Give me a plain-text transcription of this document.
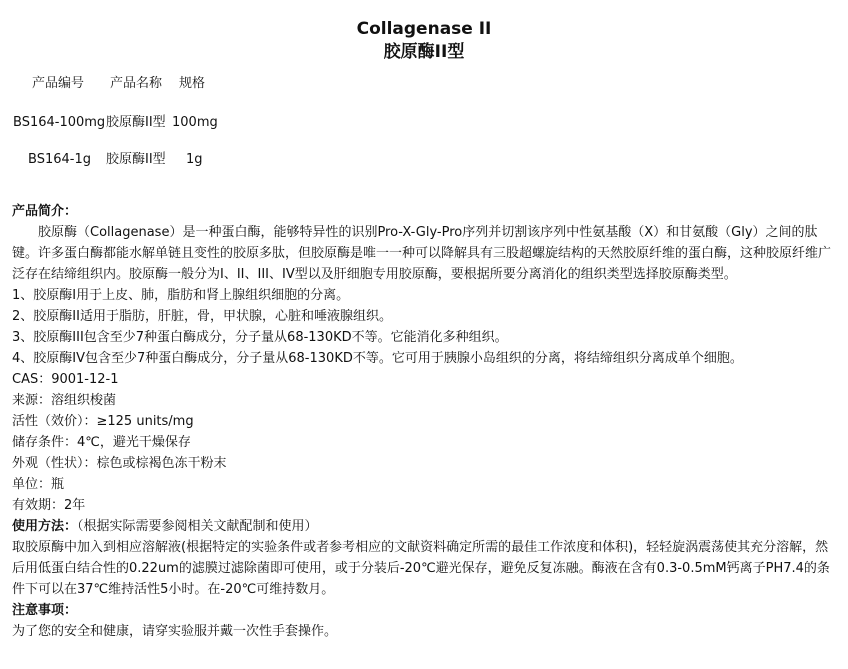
Collagenase II
胶原酶II型
产品编号 产品名称 规格
BS164-100mg 胶原酶II型 100mg
BS164-1g 胶原酶II型 1g

产品简介：

胶原酶（Collagenase）是一种蛋白酶，能够特异性的识别Pro-X-Gly-Pro序列并切割该序列中性氨基酸（X）和甘氨酸（Gly）之间的肽键。许多蛋白酶都能水解单链且变性的胶原多肽，但胶原酶是唯一一种可以降解具有三股超螺旋结构的天然胶原纤维的蛋白酶，这种胶原纤维广泛存在结缔组织内。胶原酶一般分为I、II、III、IV型以及肝细胞专用胶原酶，要根据所要分离消化的组织类型选择胶原酶类型。

1、胶原酶I用于上皮、肺，脂肪和肾上腺组织细胞的分离。

2、胶原酶II适用于脂肪，肝脏，骨，甲状腺，心脏和唾液腺组织。

3、胶原酶III包含至少7种蛋白酶成分，分子量从68-130KD不等。它能消化多种组织。

4、胶原酶IV包含至少7种蛋白酶成分，分子量从68-130KD不等。它可用于胰腺小岛组织的分离，将结缔组织分离成单个细胞。

CAS：9001-12-1

来源：溶组织梭菌

活性（效价）：≥125 units/mg

储存条件：4℃，避光干燥保存

外观（性状）：棕色或棕褐色冻干粉末

单位：瓶

有效期：2年

使用方法：（根据实际需要参阅相关文献配制和使用）

取胶原酶中加入到相应溶解液(根据特定的实验条件或者参考相应的文献资料确定所需的最佳工作浓度和体积)，轻轻旋涡震荡使其充分溶解，然后用低蛋白结合性的0.22um的滤膜过滤除菌即可使用，或于分装后-20℃避光保存，避免反复冻融。酶液在含有0.3-0.5mM钙离子PH7.4的条件下可以在37℃维持活性5小时。在-20℃可维持数月。

注意事项：

为了您的安全和健康，请穿实验服并戴一次性手套操作。
